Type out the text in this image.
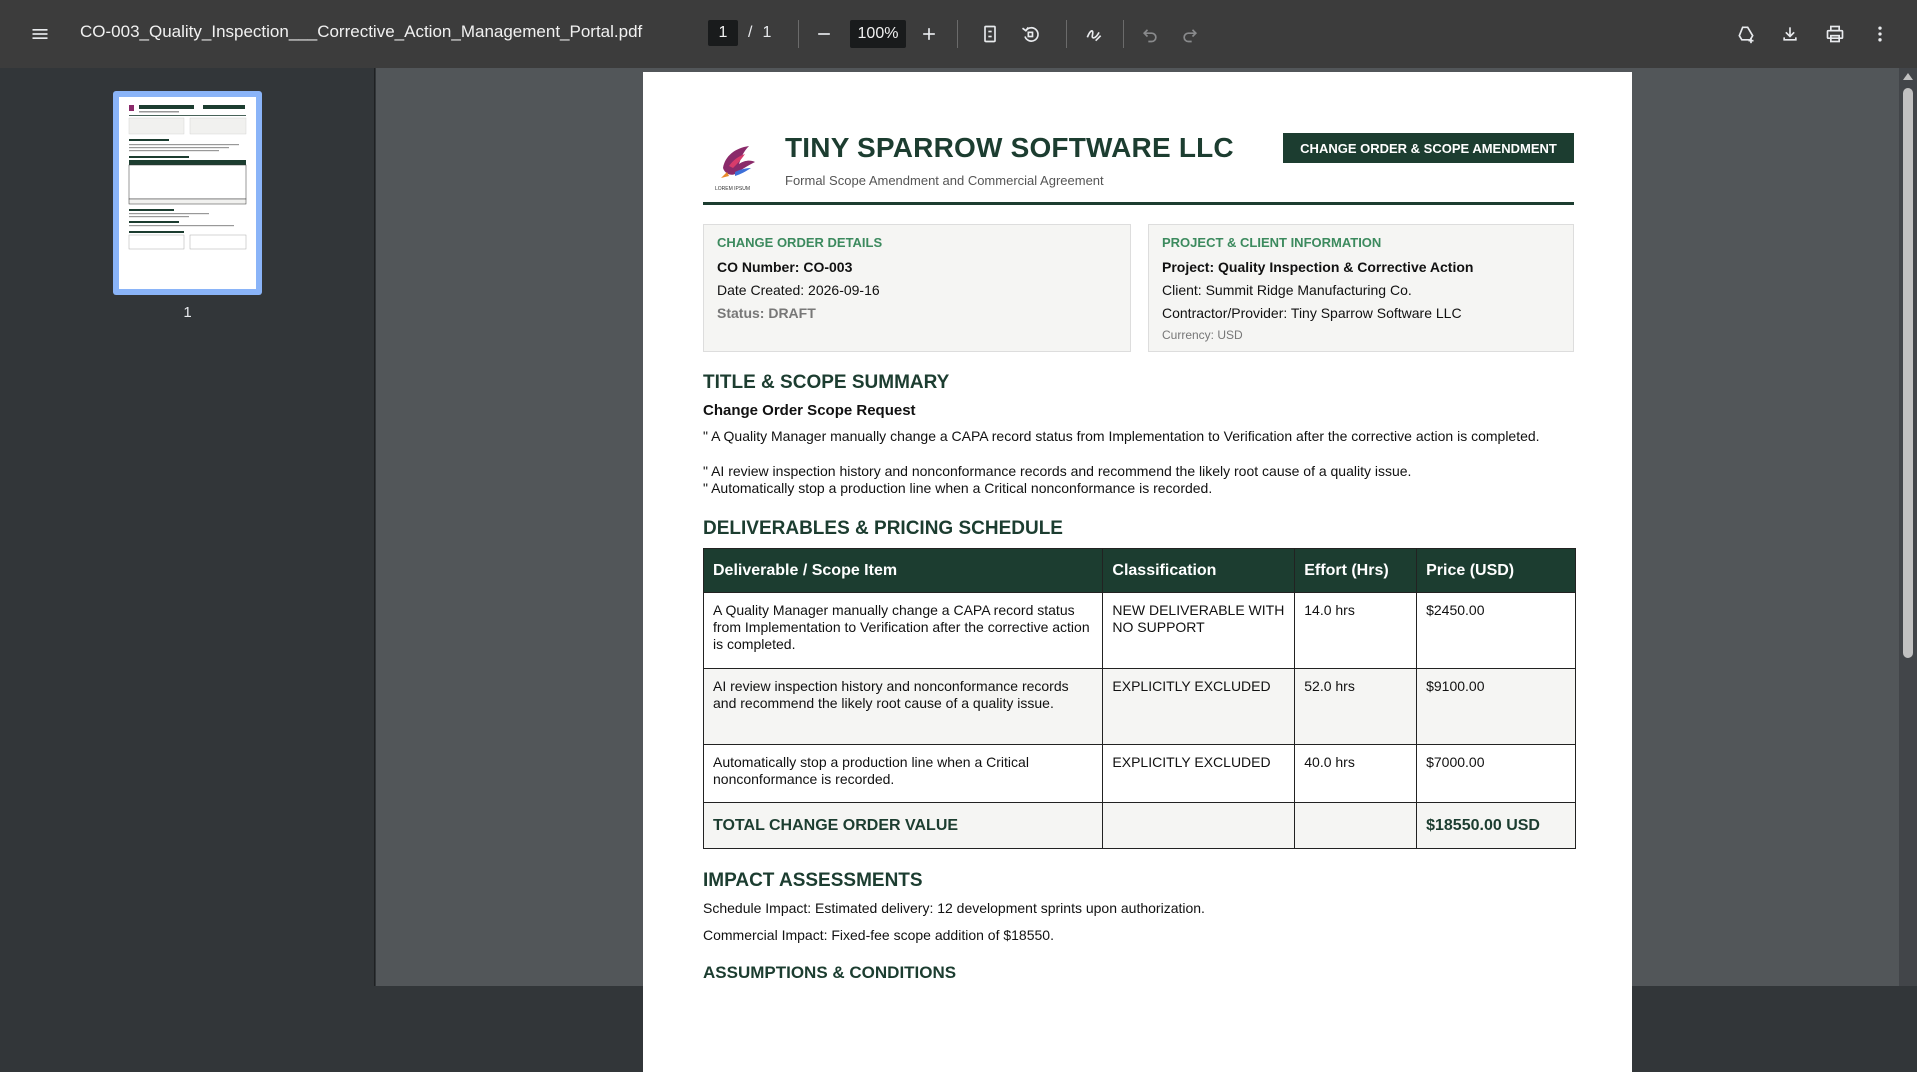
CO-003_Quality_Inspection___Corrective_Action_Management_Portal.pdf
1	/ 1
100%
1
LOREM IPSUM
TINY SPARROW SOFTWARE LLC
Formal Scope Amendment and Commercial Agreement
CHANGE ORDER & SCOPE AMENDMENT
CHANGE ORDER DETAILS
CO Number: CO-003
Date Created: 2026-09-16
Status: DRAFT
PROJECT & CLIENT INFORMATION
Project: Quality Inspection & Corrective Action
Client: Summit Ridge Manufacturing Co.
Contractor/Provider: Tiny Sparrow Software LLC
Currency: USD
TITLE & SCOPE SUMMARY
Change Order Scope Request
" A Quality Manager manually change a CAPA record status from Implementation to Verification after the corrective action is completed.
" AI review inspection history and nonconformance records and recommend the likely root cause of a quality issue.
" Automatically stop a production line when a Critical nonconformance is recorded.
DELIVERABLES & PRICING SCHEDULE
Deliverable / Scope Item	Classification	Effort (Hrs)	Price (USD)
A Quality Manager manually change a CAPA record status from Implementation to Verification after the corrective action is completed.	NEW DELIVERABLE WITH NO SUPPORT	14.0 hrs	$2450.00
AI review inspection history and nonconformance records and recommend the likely root cause of a quality issue.	EXPLICITLY EXCLUDED	52.0 hrs	$9100.00
Automatically stop a production line when a Critical nonconformance is recorded.	EXPLICITLY EXCLUDED	40.0 hrs	$7000.00
TOTAL CHANGE ORDER VALUE			$18550.00 USD
IMPACT ASSESSMENTS
Schedule Impact: Estimated delivery: 12 development sprints upon authorization.
Commercial Impact: Fixed-fee scope addition of $18550.
ASSUMPTIONS & CONDITIONS
